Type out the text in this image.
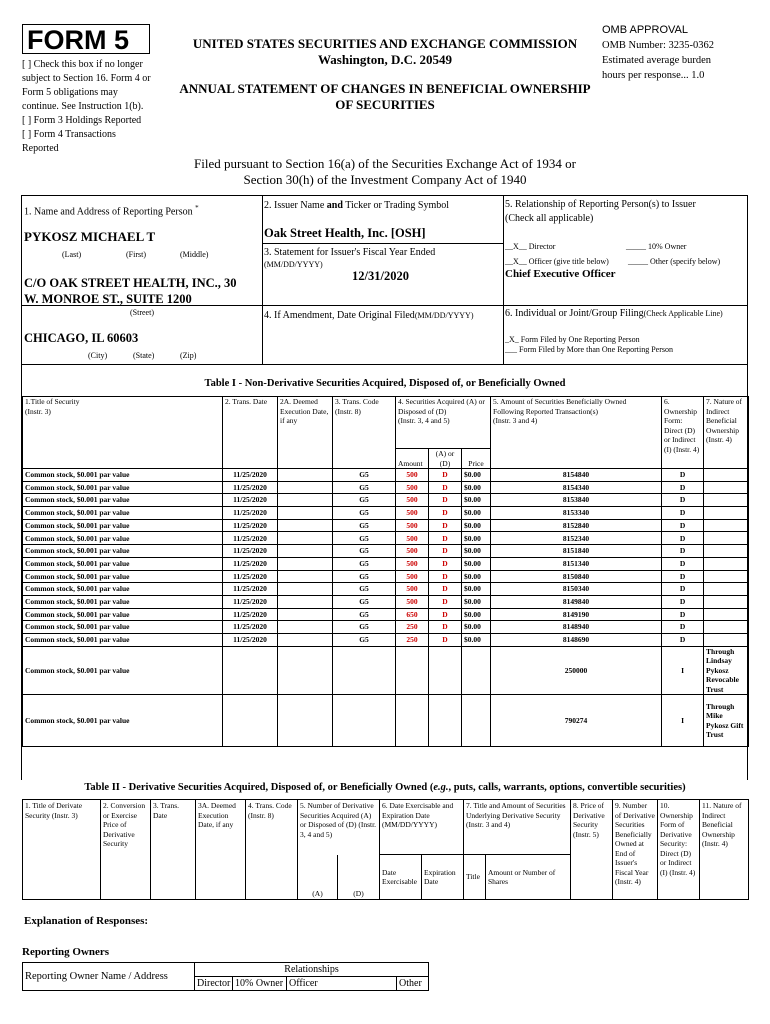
FORM 5
[ ] Check this box if no longer
subject to Section 16. Form 4 or
Form 5 obligations may
continue. See Instruction 1(b).
[ ] Form 3 Holdings Reported
[ ] Form 4 Transactions
Reported
UNITED STATES SECURITIES AND EXCHANGE COMMISSION
Washington, D.C. 20549
ANNUAL STATEMENT OF CHANGES IN BENEFICIAL OWNERSHIP
OF SECURITIES
OMB APPROVAL
OMB Number: 3235-0362
Estimated average burden
hours per response... 1.0
Filed pursuant to Section 16(a) of the Securities Exchange Act of 1934 or
Section 30(h) of the Investment Company Act of 1940
1. Name and Address of Reporting Person *
PYKOSZ MICHAEL T
(Last)	(First)	(Middle)
C/O OAK STREET HEALTH, INC., 30
W. MONROE ST., SUITE 1200
(Street)
CHICAGO, IL 60603
(City)	(State)	(Zip)
2. Issuer Name and Ticker or Trading Symbol
Oak Street Health, Inc. [OSH]
3. Statement for Issuer's Fiscal Year Ended
(MM/DD/YYYY)
12/31/2020
4. If Amendment, Date Original Filed(MM/DD/YYYY)
5. Relationship of Reporting Person(s) to Issuer
(Check all applicable)
__X__ Director	_____ 10% Owner
__X__ Officer (give title below) _____ Other (specify below)
Chief Executive Officer
6. Individual or Joint/Group Filing(Check Applicable Line)
_X_ Form Filed by One Reporting Person
___ Form Filed by More than One Reporting Person
Table I - Non-Derivative Securities Acquired, Disposed of, or Beneficially Owned
1.Title of Security
(Instr. 3)	2. Trans. Date	2A. Deemed Execution Date, if any	3. Trans. Code (Instr. 8)	4. Securities Acquired (A) or Disposed of (D)
(Instr. 3, 4 and 5)			5. Amount of Securities Beneficially Owned Following Reported Transaction(s)
(Instr. 3 and 4)	6. Ownership Form: Direct (D) or Indirect (I) (Instr. 4)	7. Nature of Indirect Beneficial Ownership (Instr. 4)
				Amount	(A) or (D)	Price			
Common stock, $0.001 par value	11/25/2020		G5	500	D	$0.00	8154840	D	
Common stock, $0.001 par value	11/25/2020		G5	500	D	$0.00	8154340	D	
Common stock, $0.001 par value	11/25/2020		G5	500	D	$0.00	8153840	D	
Common stock, $0.001 par value	11/25/2020		G5	500	D	$0.00	8153340	D	
Common stock, $0.001 par value	11/25/2020		G5	500	D	$0.00	8152840	D	
Common stock, $0.001 par value	11/25/2020		G5	500	D	$0.00	8152340	D	
Common stock, $0.001 par value	11/25/2020		G5	500	D	$0.00	8151840	D	
Common stock, $0.001 par value	11/25/2020		G5	500	D	$0.00	8151340	D	
Common stock, $0.001 par value	11/25/2020		G5	500	D	$0.00	8150840	D	
Common stock, $0.001 par value	11/25/2020		G5	500	D	$0.00	8150340	D	
Common stock, $0.001 par value	11/25/2020		G5	500	D	$0.00	8149840	D	
Common stock, $0.001 par value	11/25/2020		G5	650	D	$0.00	8149190	D	
Common stock, $0.001 par value	11/25/2020		G5	250	D	$0.00	8148940	D	
Common stock, $0.001 par value	11/25/2020		G5	250	D	$0.00	8148690	D	
Common stock, $0.001 par value							250000	I	Through Lindsay Pykosz Revocable Trust
Common stock, $0.001 par value							790274	I	Through Mike Pykosz Gift Trust
Table II - Derivative Securities Acquired, Disposed of, or Beneficially Owned (e.g., puts, calls, warrants, options, convertible securities)
1. Title of Derivate Security (Instr. 3)	2. Conversion or Exercise Price of Derivative Security	3. Trans. Date	3A. Deemed Execution Date, if any	4. Trans. Code (Instr. 8)	5. Number of Derivative Securities Acquired (A) or Disposed of (D) (Instr. 3, 4 and 5)		6. Date Exercisable and Expiration Date (MM/DD/YYYY)		7. Title and Amount of Securities Underlying Derivative Security (Instr. 3 and 4)		8. Price of Derivative Security (Instr. 5)	9. Number of Derivative Securities Beneficially Owned at End of Issuer's Fiscal Year (Instr. 4)	10. Ownership Form of Derivative Security: Direct (D) or Indirect (I) (Instr. 4)	11. Nature of Indirect Beneficial Ownership (Instr. 4)
					(A)	(D)	Date Exercisable	Expiration Date	Title	Amount or Number of Shares				
Explanation of Responses:
Reporting Owners
Reporting Owner Name / Address	Relationships			
	Director	10% Owner	Officer	Other
